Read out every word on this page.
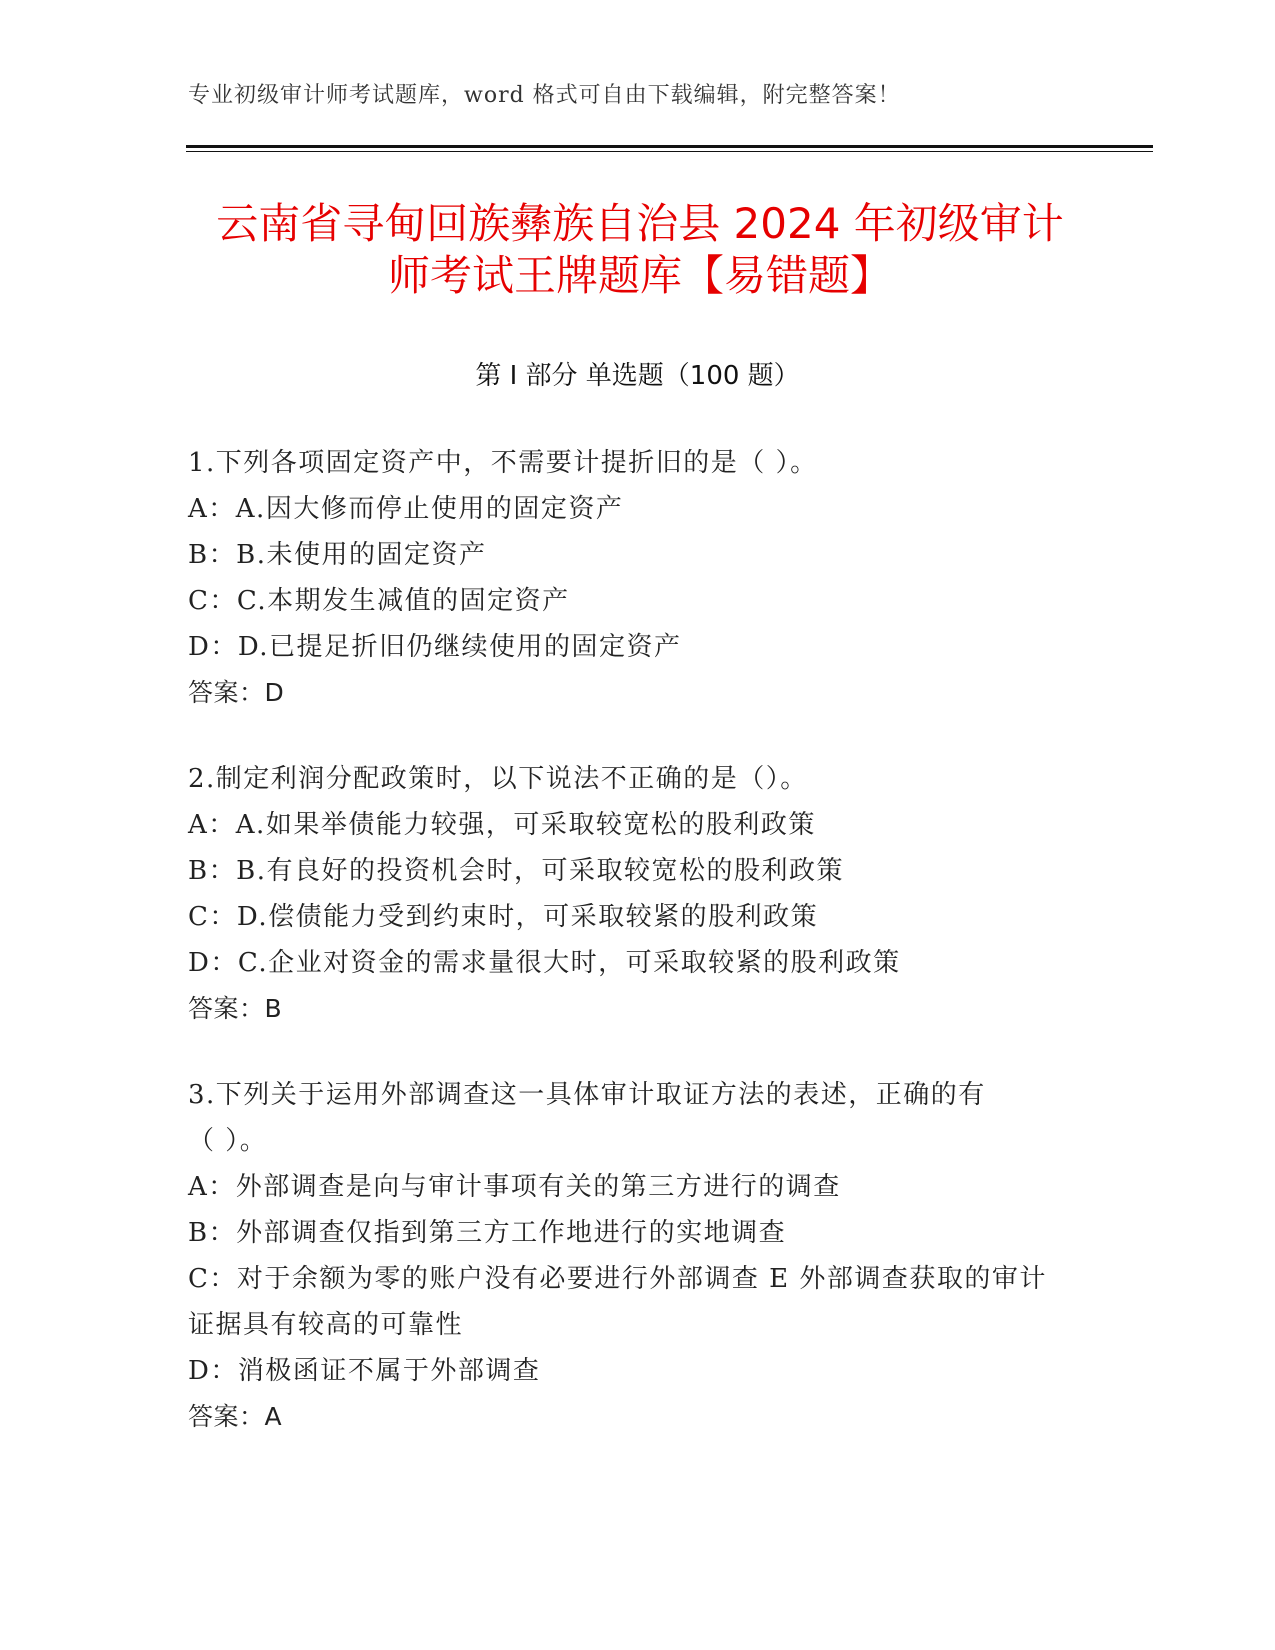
专业初级审计师考试题库，word 格式可自由下载编辑，附完整答案！
云南省寻甸回族彝族自治县 2024 年初级审计
师考试王牌题库【易错题】
第 I 部分 单选题（100 题）
1.下列各项固定资产中，不需要计提折旧的是（ ）。
A：A.因大修而停止使用的固定资产
B：B.未使用的固定资产
C：C.本期发生减值的固定资产
D：D.已提足折旧仍继续使用的固定资产
答案：D
2.制定利润分配政策时，以下说法不正确的是（）。
A：A.如果举债能力较强，可采取较宽松的股利政策
B：B.有良好的投资机会时，可采取较宽松的股利政策
C：D.偿债能力受到约束时，可采取较紧的股利政策
D：C.企业对资金的需求量很大时，可采取较紧的股利政策
答案：B
3.下列关于运用外部调查这一具体审计取证方法的表述，正确的有
（ ）。
A：外部调查是向与审计事项有关的第三方进行的调查
B：外部调查仅指到第三方工作地进行的实地调查
C：对于余额为零的账户没有必要进行外部调查 E 外部调查获取的审计
证据具有较高的可靠性
D：消极函证不属于外部调查
答案：A
